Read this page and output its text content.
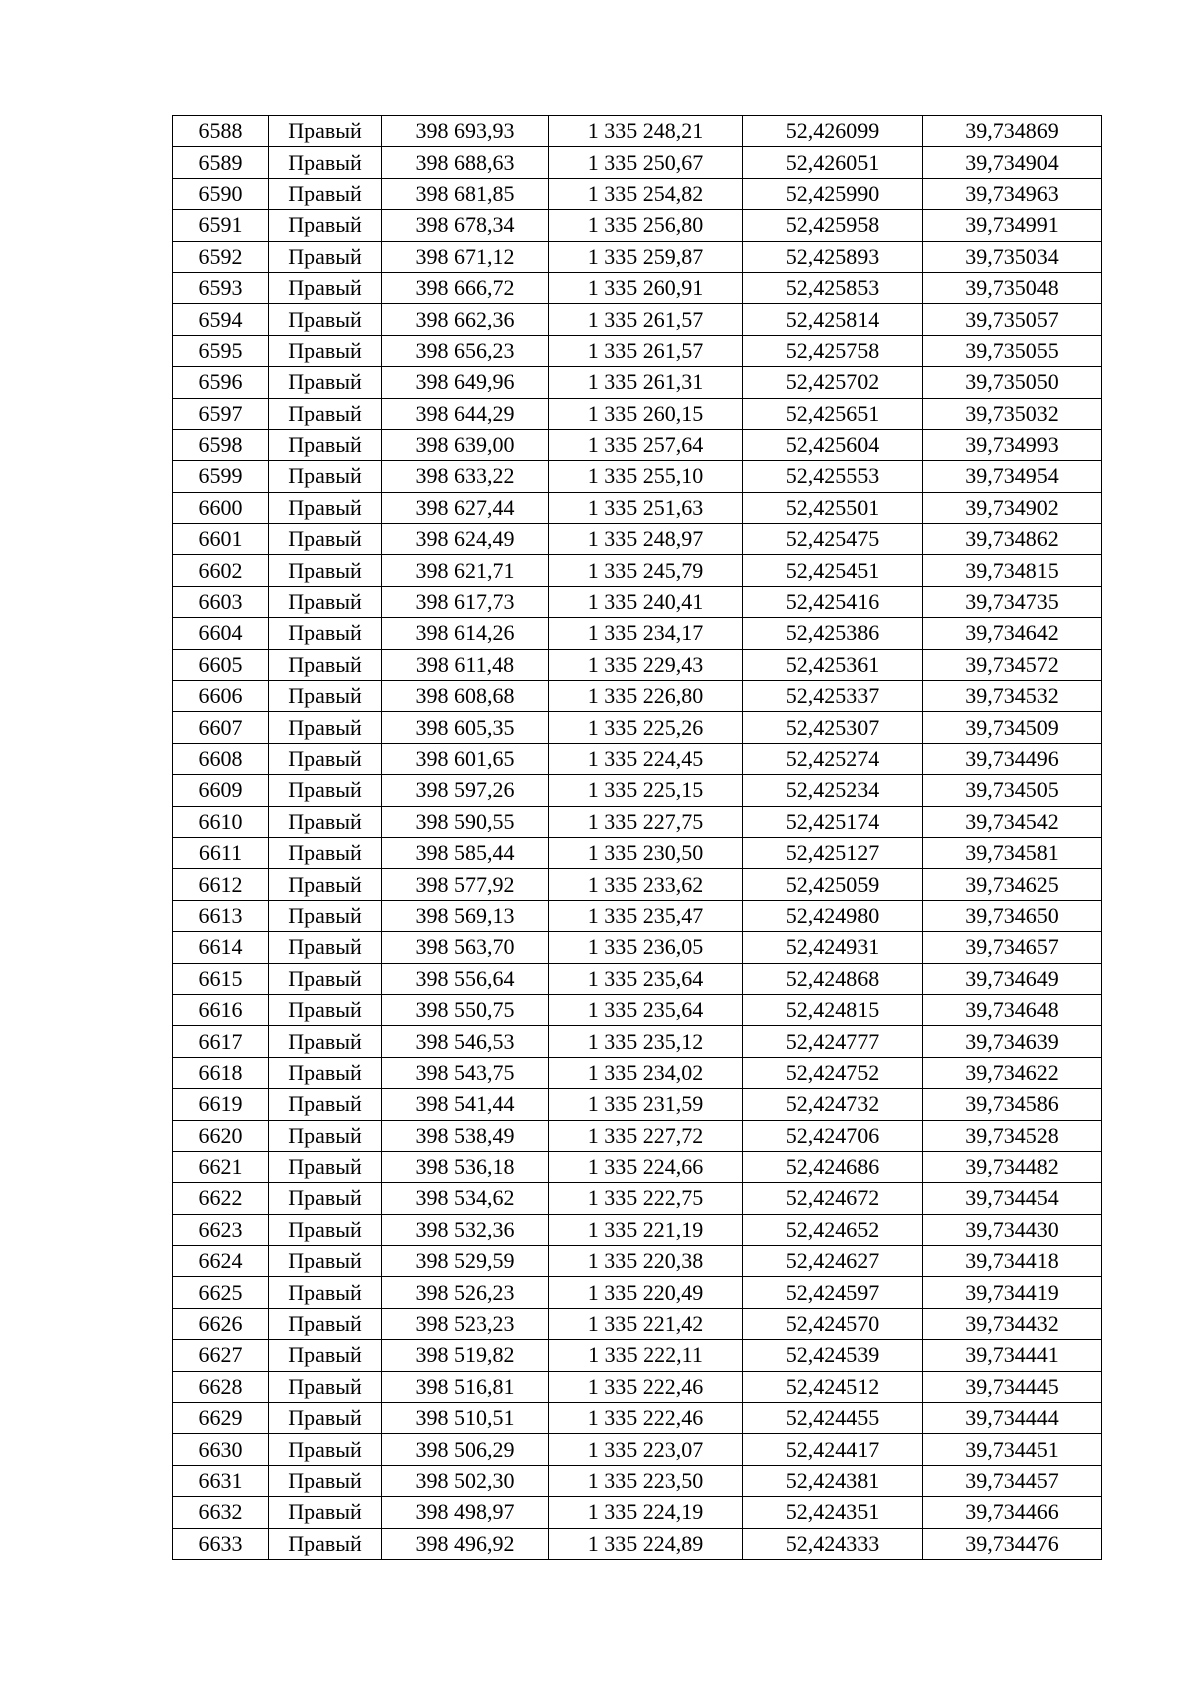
6588	Правый	398 693,93	1 335 248,21	52,426099	39,734869
6589	Правый	398 688,63	1 335 250,67	52,426051	39,734904
6590	Правый	398 681,85	1 335 254,82	52,425990	39,734963
6591	Правый	398 678,34	1 335 256,80	52,425958	39,734991
6592	Правый	398 671,12	1 335 259,87	52,425893	39,735034
6593	Правый	398 666,72	1 335 260,91	52,425853	39,735048
6594	Правый	398 662,36	1 335 261,57	52,425814	39,735057
6595	Правый	398 656,23	1 335 261,57	52,425758	39,735055
6596	Правый	398 649,96	1 335 261,31	52,425702	39,735050
6597	Правый	398 644,29	1 335 260,15	52,425651	39,735032
6598	Правый	398 639,00	1 335 257,64	52,425604	39,734993
6599	Правый	398 633,22	1 335 255,10	52,425553	39,734954
6600	Правый	398 627,44	1 335 251,63	52,425501	39,734902
6601	Правый	398 624,49	1 335 248,97	52,425475	39,734862
6602	Правый	398 621,71	1 335 245,79	52,425451	39,734815
6603	Правый	398 617,73	1 335 240,41	52,425416	39,734735
6604	Правый	398 614,26	1 335 234,17	52,425386	39,734642
6605	Правый	398 611,48	1 335 229,43	52,425361	39,734572
6606	Правый	398 608,68	1 335 226,80	52,425337	39,734532
6607	Правый	398 605,35	1 335 225,26	52,425307	39,734509
6608	Правый	398 601,65	1 335 224,45	52,425274	39,734496
6609	Правый	398 597,26	1 335 225,15	52,425234	39,734505
6610	Правый	398 590,55	1 335 227,75	52,425174	39,734542
6611	Правый	398 585,44	1 335 230,50	52,425127	39,734581
6612	Правый	398 577,92	1 335 233,62	52,425059	39,734625
6613	Правый	398 569,13	1 335 235,47	52,424980	39,734650
6614	Правый	398 563,70	1 335 236,05	52,424931	39,734657
6615	Правый	398 556,64	1 335 235,64	52,424868	39,734649
6616	Правый	398 550,75	1 335 235,64	52,424815	39,734648
6617	Правый	398 546,53	1 335 235,12	52,424777	39,734639
6618	Правый	398 543,75	1 335 234,02	52,424752	39,734622
6619	Правый	398 541,44	1 335 231,59	52,424732	39,734586
6620	Правый	398 538,49	1 335 227,72	52,424706	39,734528
6621	Правый	398 536,18	1 335 224,66	52,424686	39,734482
6622	Правый	398 534,62	1 335 222,75	52,424672	39,734454
6623	Правый	398 532,36	1 335 221,19	52,424652	39,734430
6624	Правый	398 529,59	1 335 220,38	52,424627	39,734418
6625	Правый	398 526,23	1 335 220,49	52,424597	39,734419
6626	Правый	398 523,23	1 335 221,42	52,424570	39,734432
6627	Правый	398 519,82	1 335 222,11	52,424539	39,734441
6628	Правый	398 516,81	1 335 222,46	52,424512	39,734445
6629	Правый	398 510,51	1 335 222,46	52,424455	39,734444
6630	Правый	398 506,29	1 335 223,07	52,424417	39,734451
6631	Правый	398 502,30	1 335 223,50	52,424381	39,734457
6632	Правый	398 498,97	1 335 224,19	52,424351	39,734466
6633	Правый	398 496,92	1 335 224,89	52,424333	39,734476
